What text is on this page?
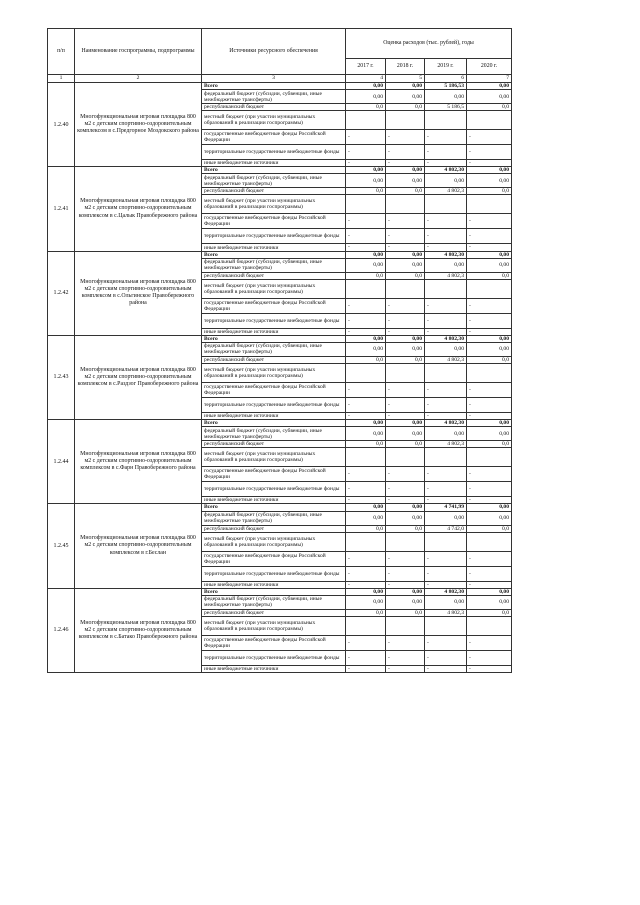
п/п	Наименование госпрограммы, подпрограммы	Источники ресурсного обеспечения	Оценка расходов (тыс. рублей), годы			
			2017 г.	2018 г.	2019 г.	2020 г.
1	2	3	4	5	6	7
1.2.40	Многофункциональная игровая площадка 800 м2 с детским спортивно-оздоровительным комплексом в с.Предгорное Моздокского района	Всего	0,00	0,00	5 186,53	0,00
		федеральный бюджет (субсидии, субвенции, иные межбюджетные трансферты)	0,00	0,00	0,00	0,00
		республиканский бюджет	0,0	0,0	5 186,5	0,0
		местный бюджет (при участии муниципальных образований в реализации госпрограммы)				
		государственные внебюджетные фонды Российской Федерации	-	-	-	-
		территориальные государственные внебюджетные фонды	-	-	-	-
		иные внебюджетные источники	-	-	-	-
1.2.41	Многофункциональная игровая площадка 800 м2 с детским спортивно-оздоровительным комплексом в с.Цалык Правобережного района	Всего	0,00	0,00	4 802,30	0,00
		федеральный бюджет (субсидии, субвенции, иные межбюджетные трансферты)	0,00	0,00	0,00	0,00
		республиканский бюджет	0,0	0,0	4 802,3	0,0
		местный бюджет (при участии муниципальных образований в реализации госпрограммы)				
		государственные внебюджетные фонды Российской Федерации	-	-	-	-
		территориальные государственные внебюджетные фонды	-	-	-	-
		иные внебюджетные источники	-	-	-	-
1.2.42	Многофункциональная игровая площадка 800 м2 с детским спортивно-оздоровительным комплексом в с.Ольгинское Правобережного района	Всего	0,00	0,00	4 802,30	0,00
		федеральный бюджет (субсидии, субвенции, иные межбюджетные трансферты)	0,00	0,00	0,00	0,00
		республиканский бюджет	0,0	0,0	4 802,3	0,0
		местный бюджет (при участии муниципальных образований в реализации госпрограммы)				
		государственные внебюджетные фонды Российской Федерации	-	-	-	-
		территориальные государственные внебюджетные фонды	-	-	-	-
		иные внебюджетные источники	-	-	-	-
1.2.43	Многофункциональная игровая площадка 800 м2 с детским спортивно-оздоровительным комплексом в с.Раздзог Правобережного района	Всего	0,00	0,00	4 802,30	0,00
		федеральный бюджет (субсидии, субвенции, иные межбюджетные трансферты)	0,00	0,00	0,00	0,00
		республиканский бюджет	0,0	0,0	4 802,3	0,0
		местный бюджет (при участии муниципальных образований в реализации госпрограммы)				
		государственные внебюджетные фонды Российской Федерации	-	-	-	-
		территориальные государственные внебюджетные фонды	-	-	-	-
		иные внебюджетные источники	-	-	-	-
1.2.44	Многофункциональная игровая площадка 800 м2 с детским спортивно-оздоровительным комплексом в с.Фарн Правобережного района	Всего	0,00	0,00	4 802,30	0,00
		федеральный бюджет (субсидии, субвенции, иные межбюджетные трансферты)	0,00	0,00	0,00	0,00
		республиканский бюджет	0,0	0,0	4 802,3	0,0
		местный бюджет (при участии муниципальных образований в реализации госпрограммы)				
		государственные внебюджетные фонды Российской Федерации	-	-	-	-
		территориальные государственные внебюджетные фонды	-	-	-	-
		иные внебюджетные источники	-	-	-	-
1.2.45	Многофункциональная игровая площадка 800 м2 с детским спортивно-оздоровительным комплексом в г.Беслан	Всего	0,00	0,00	4 741,99	0,00
		федеральный бюджет (субсидии, субвенции, иные межбюджетные трансферты)	0,00	0,00	0,00	0,00
		республиканский бюджет	0,0	0,0	4 742,0	0,0
		местный бюджет (при участии муниципальных образований в реализации госпрограммы)				
		государственные внебюджетные фонды Российской Федерации	-	-	-	-
		территориальные государственные внебюджетные фонды	-	-	-	-
		иные внебюджетные источники	-	-	-	-
1.2.46	Многофункциональная игровая площадка 800 м2 с детским спортивно-оздоровительным комплексом в с.Батако Правобережного района	Всего	0,00	0,00	4 802,30	0,00
		федеральный бюджет (субсидии, субвенции, иные межбюджетные трансферты)	0,00	0,00	0,00	0,00
		республиканский бюджет	0,0	0,0	4 802,3	0,0
		местный бюджет (при участии муниципальных образований в реализации госпрограммы)				
		государственные внебюджетные фонды Российской Федерации	-	-	-	-
		территориальные государственные внебюджетные фонды	-	-	-	-
		иные внебюджетные источники	-	-	-	-
